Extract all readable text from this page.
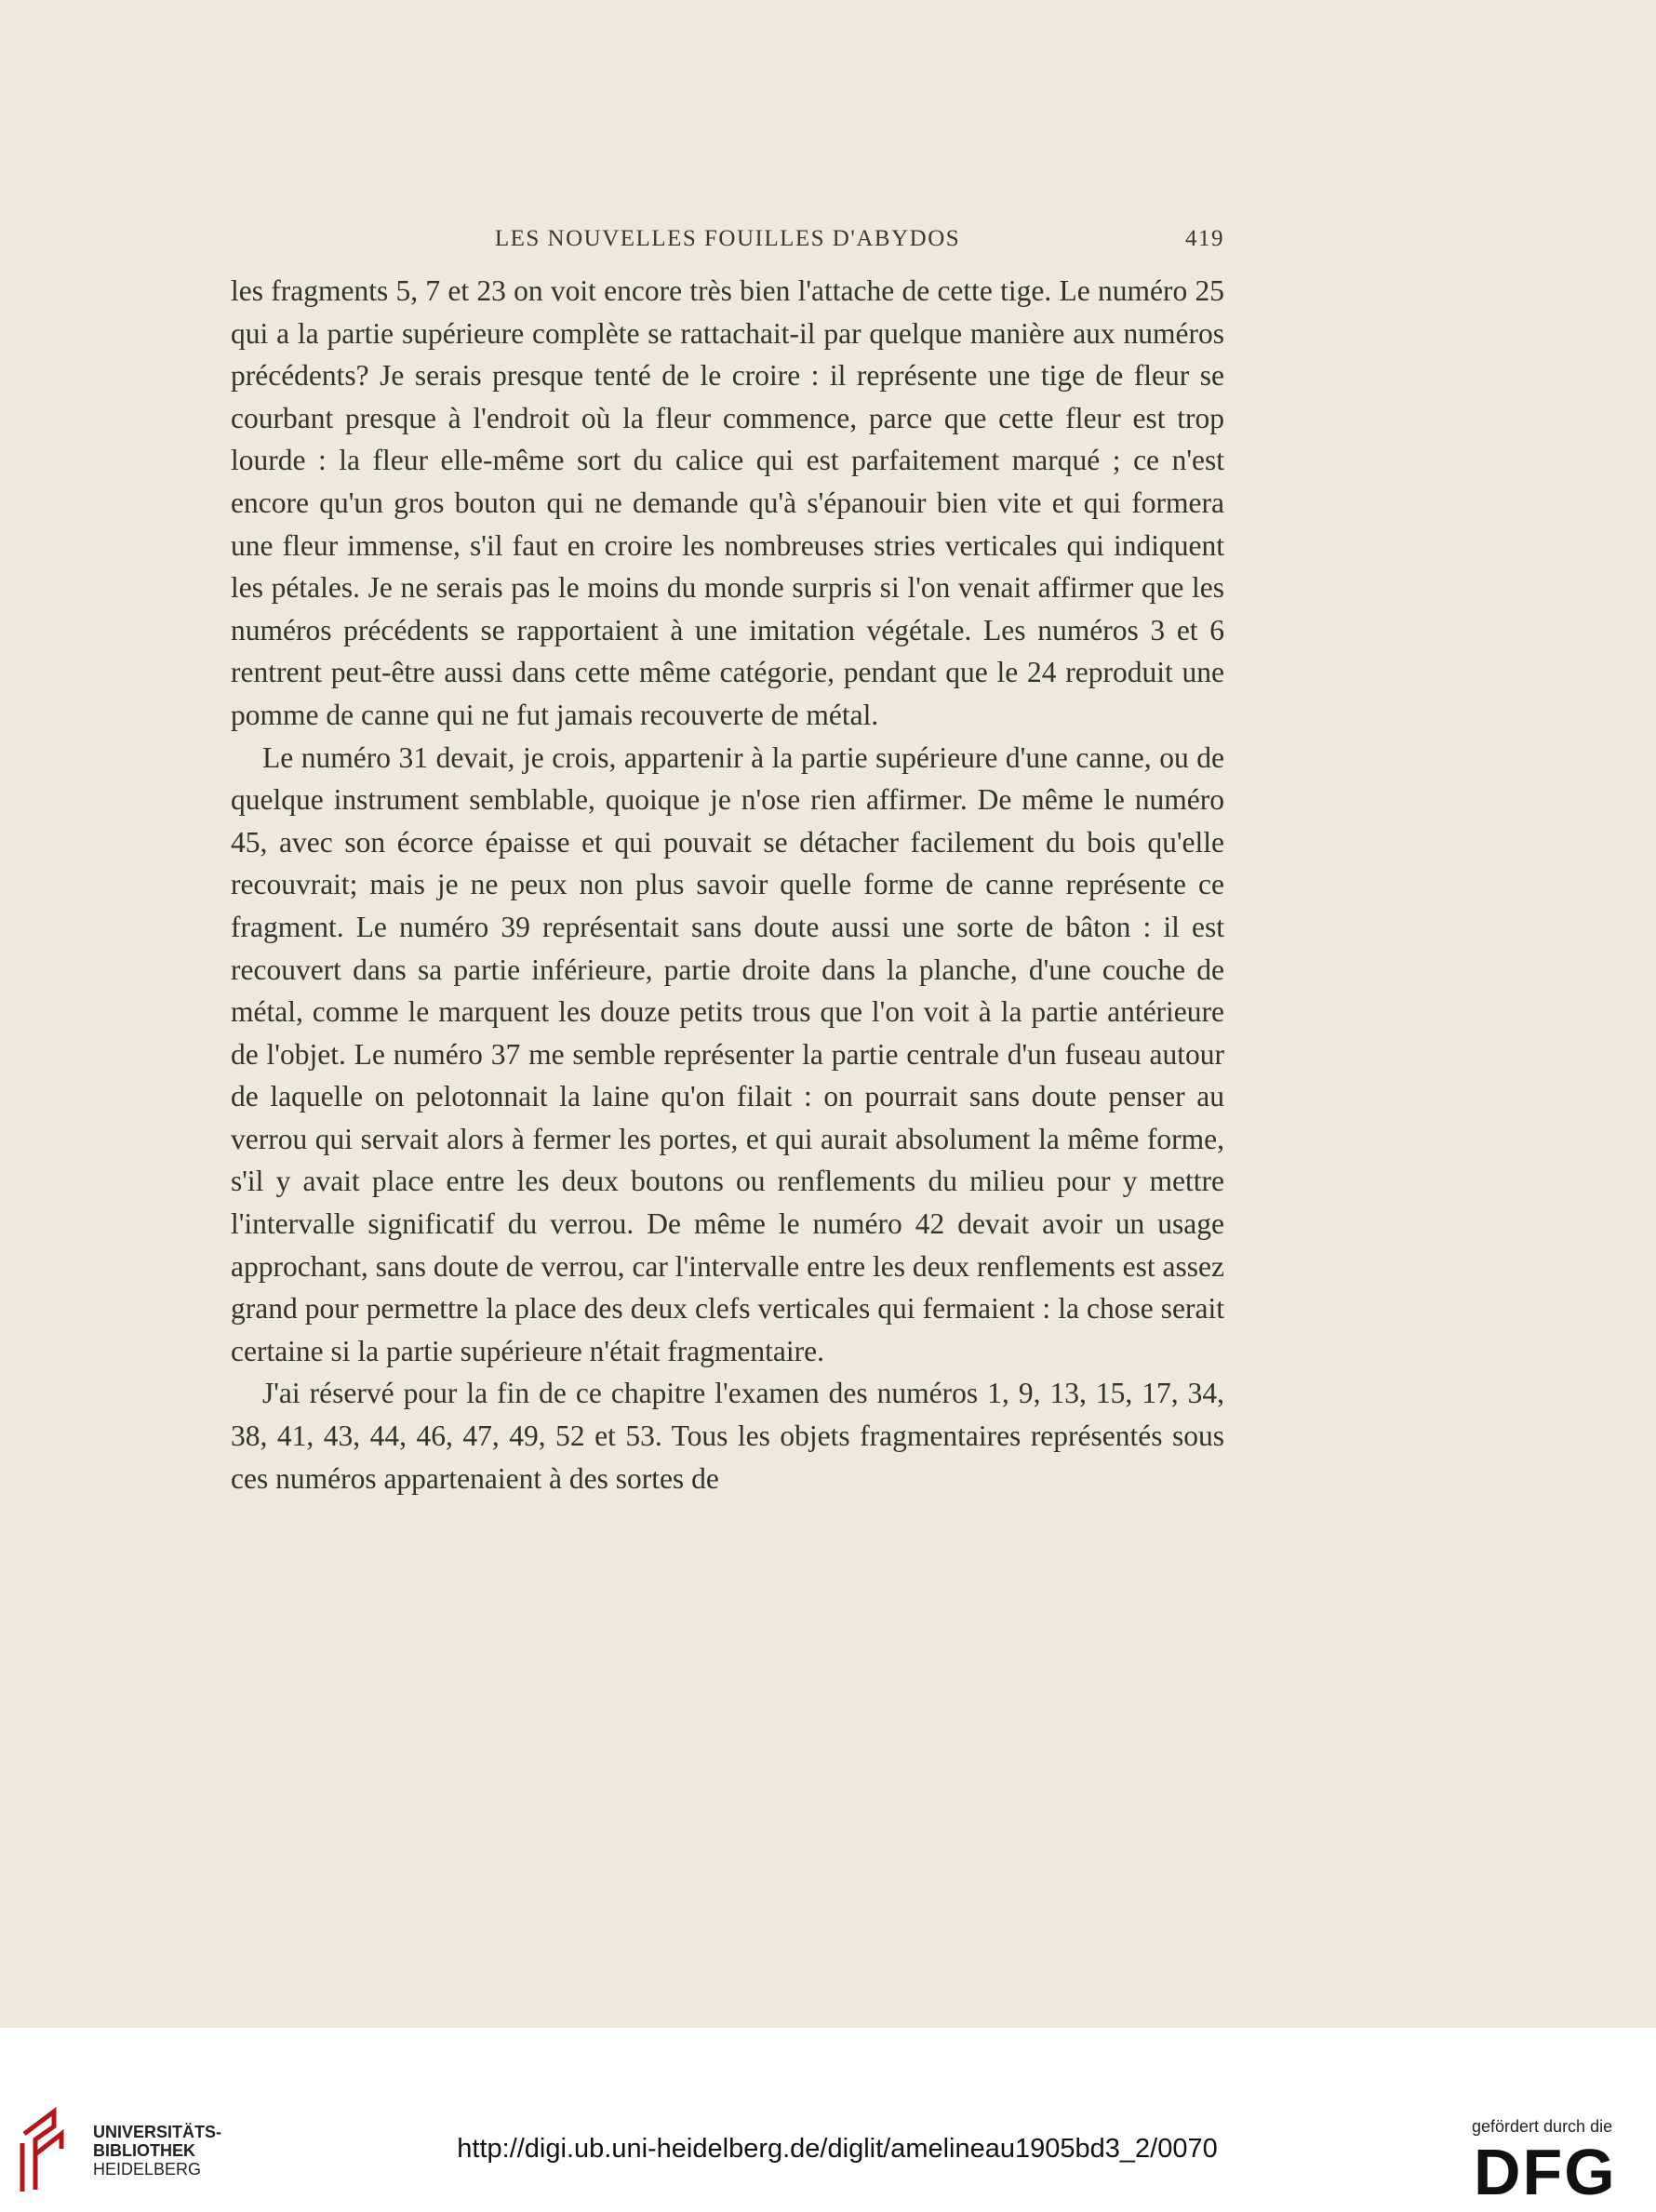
LES NOUVELLES FOUILLES D'ABYDOS	419

les fragments 5, 7 et 23 on voit encore très bien l'attache de cette tige. Le numéro 25 qui a la partie supérieure complète se rattachait-il par quelque manière aux numéros précédents? Je serais presque tenté de le croire : il représente une tige de fleur se courbant presque à l'endroit où la fleur commence, parce que cette fleur est trop lourde : la fleur elle-même sort du calice qui est parfaitement marqué ; ce n'est encore qu'un gros bouton qui ne demande qu'à s'épanouir bien vite et qui formera une fleur immense, s'il faut en croire les nombreuses stries verticales qui indiquent les pétales. Je ne serais pas le moins du monde surpris si l'on venait affirmer que les numéros précédents se rapportaient à une imitation végétale. Les numéros 3 et 6 rentrent peut-être aussi dans cette même catégorie, pendant que le 24 reproduit une pomme de canne qui ne fut jamais recouverte de métal.

Le numéro 31 devait, je crois, appartenir à la partie supérieure d'une canne, ou de quelque instrument semblable, quoique je n'ose rien affirmer. De même le numéro 45, avec son écorce épaisse et qui pouvait se détacher facilement du bois qu'elle recouvrait; mais je ne peux non plus savoir quelle forme de canne représente ce fragment. Le numéro 39 représentait sans doute aussi une sorte de bâton : il est recouvert dans sa partie inférieure, partie droite dans la planche, d'une couche de métal, comme le marquent les douze petits trous que l'on voit à la partie antérieure de l'objet. Le numéro 37 me semble représenter la partie centrale d'un fuseau autour de laquelle on pelotonnait la laine qu'on filait : on pourrait sans doute penser au verrou qui servait alors à fermer les portes, et qui aurait absolument la même forme, s'il y avait place entre les deux boutons ou renflements du milieu pour y mettre l'intervalle significatif du verrou. De même le numéro 42 devait avoir un usage approchant, sans doute de verrou, car l'intervalle entre les deux renflements est assez grand pour permettre la place des deux clefs verticales qui fermaient : la chose serait certaine si la partie supérieure n'était fragmentaire.

J'ai réservé pour la fin de ce chapitre l'examen des numéros 1, 9, 13, 15, 17, 34, 38, 41, 43, 44, 46, 47, 49, 52 et 53. Tous les objets fragmentaires représentés sous ces numéros appartenaient à des sortes de

UNIVERSITÄTS-
BIBLIOTHEK
HEIDELBERG
http://digi.ub.uni-heidelberg.de/diglit/amelineau1905bd3_2/0070
gefördert durch die
DFG
